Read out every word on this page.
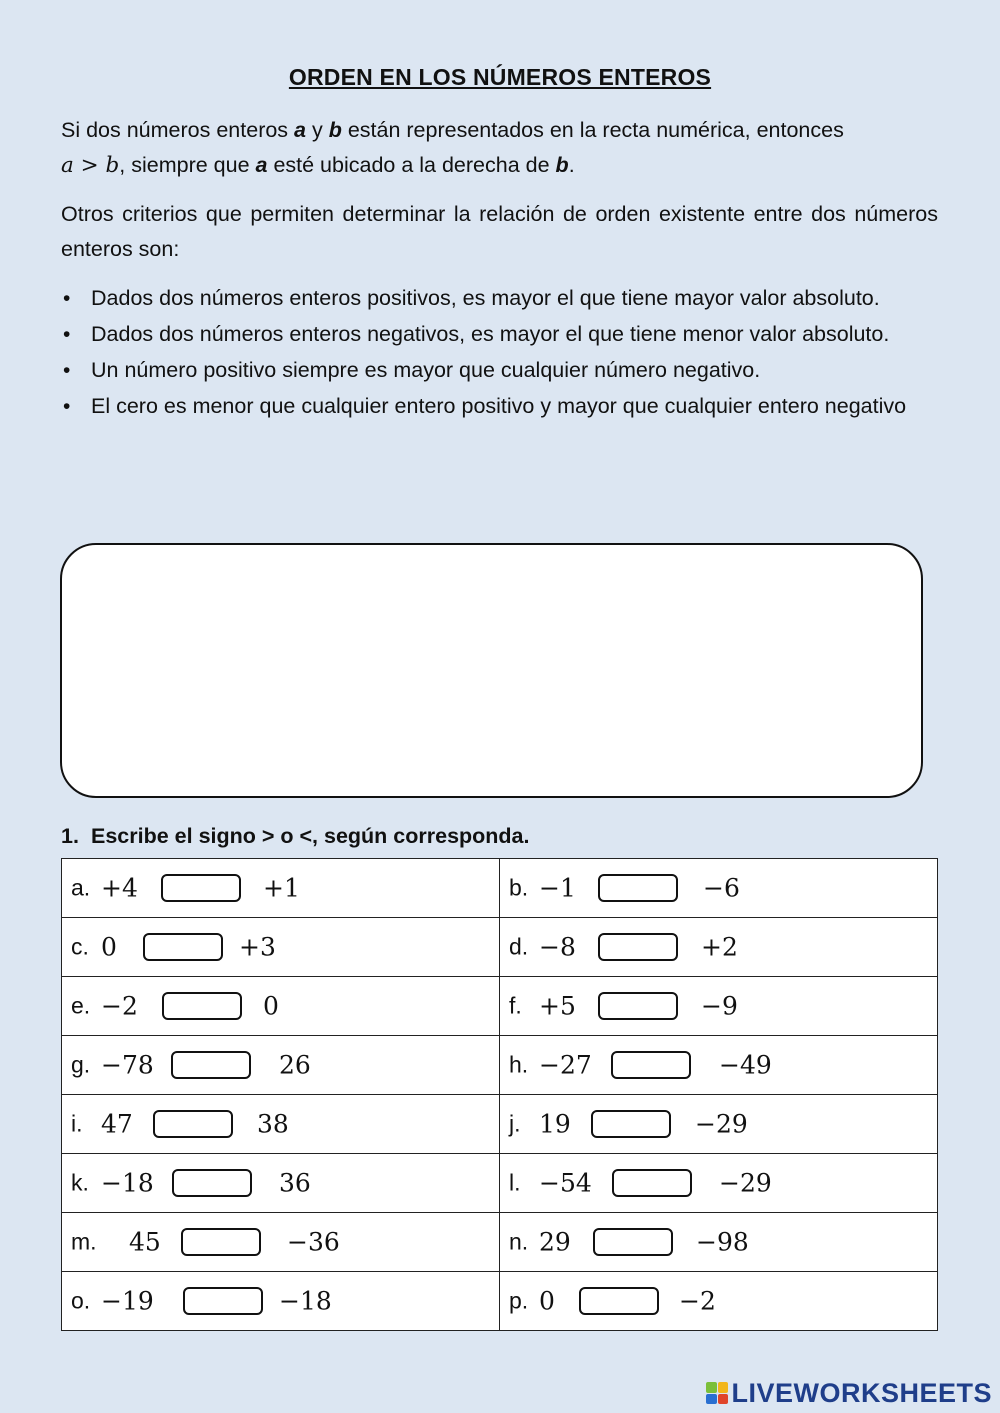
ORDEN EN LOS NÚMEROS ENTEROS
Si dos números enteros a y b están representados en la recta numérica, entonces
a > b, siempre que a esté ubicado a la derecha de b.
Otros criterios que permiten determinar la relación de orden existente entre dos números enteros son:
• Dados dos números enteros positivos, es mayor el que tiene mayor valor absoluto.
• Dados dos números enteros negativos, es mayor el que tiene menor valor absoluto.
• Un número positivo siempre es mayor que cualquier número negativo.
• El cero es menor que cualquier entero positivo y mayor que cualquier entero negativo
1. Escribe el signo > o <, según corresponda.
a. +4 +1	b. −1 −6

c. 0 +3	d. −8 +2

e. −2 0	f. +5 −9

g. −78 26	h. −27 −49

i. 47 38	j. 19 −29

k. −18 36	l. −54 −29

m. 45 −36	n. 29 −98

o. −19 −18	p. 0 −2
LIVEWORKSHEETS
